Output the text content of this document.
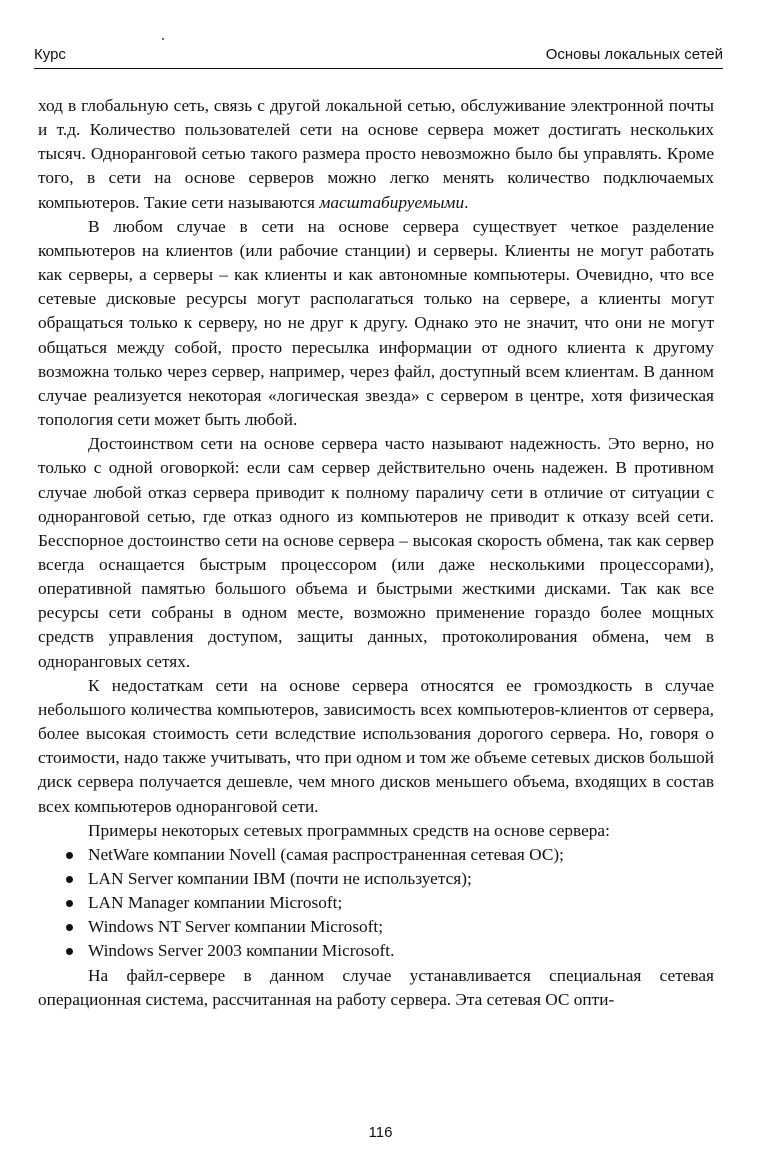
Курс	Основы локальных сетей

ход в глобальную сеть, связь с другой локальной сетью, обслуживание электронной почты и т.д. Количество пользователей сети на основе сервера может достигать нескольких тысяч. Одноранговой сетью такого размера просто невозможно было бы управлять. Кроме того, в сети на основе серверов можно легко менять количество подключаемых компьютеров. Такие сети называются масштабируемыми.

В любом случае в сети на основе сервера существует четкое разделение компьютеров на клиентов (или рабочие станции) и серверы. Клиенты не могут работать как серверы, а серверы – как клиенты и как автономные компьютеры. Очевидно, что все сетевые дисковые ресурсы могут располагаться только на сервере, а клиенты могут обращаться только к серверу, но не друг к другу. Однако это не значит, что они не могут общаться между собой, просто пересылка информации от одного клиента к другому возможна только через сервер, например, через файл, доступный всем клиентам. В данном случае реализуется некоторая «логическая звезда» с сервером в центре, хотя физическая топология сети может быть любой.

Достоинством сети на основе сервера часто называют надежность. Это верно, но только с одной оговоркой: если сам сервер действительно очень надежен. В противном случае любой отказ сервера приводит к полному параличу сети в отличие от ситуации с одноранговой сетью, где отказ одного из компьютеров не приводит к отказу всей сети. Бесспорное достоинство сети на основе сервера – высокая скорость обмена, так как сервер всегда оснащается быстрым процессором (или даже несколькими процессорами), оперативной памятью большого объема и быстрыми жесткими дисками. Так как все ресурсы сети собраны в одном месте, возможно применение гораздо более мощных средств управления доступом, защиты данных, протоколирования обмена, чем в одноранговых сетях.

К недостаткам сети на основе сервера относятся ее громоздкость в случае небольшого количества компьютеров, зависимость всех компьютеров-клиентов от сервера, более высокая стоимость сети вследствие использования дорогого сервера. Но, говоря о стоимости, надо также учитывать, что при одном и том же объеме сетевых дисков большой диск сервера получается дешевле, чем много дисков меньшего объема, входящих в состав всех компьютеров одноранговой сети.

Примеры некоторых сетевых программных средств на основе сервера:

NetWare компании Novell (самая распространенная сетевая ОС);
LAN Server компании IBM (почти не используется);
LAN Manager компании Microsoft;
Windows NT Server компании Microsoft;
Windows Server 2003 компании Microsoft.

На файл-сервере в данном случае устанавливается специальная сетевая операционная система, рассчитанная на работу сервера. Эта сетевая ОС опти-

116
